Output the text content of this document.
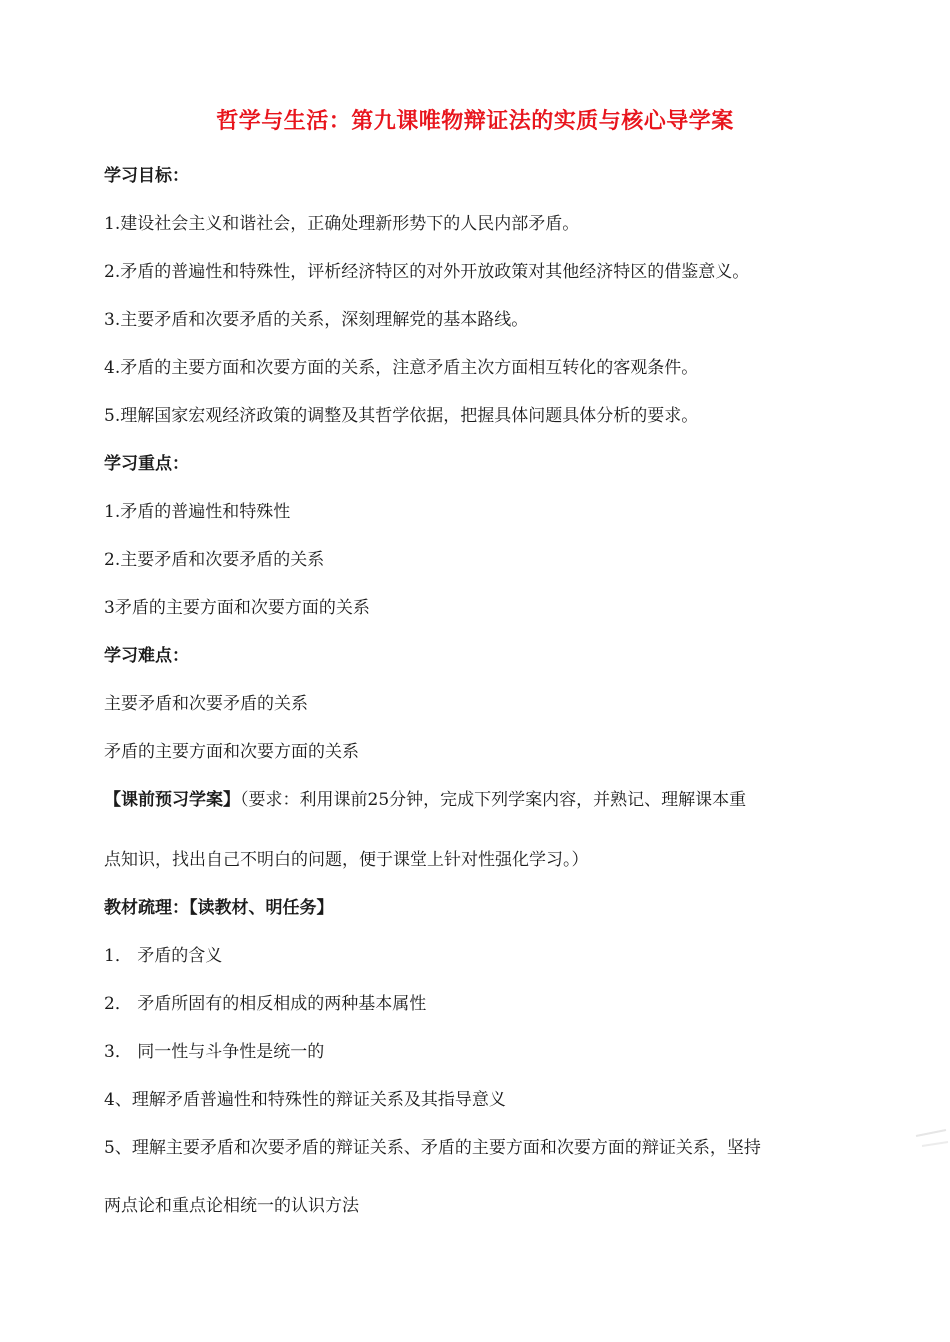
哲学与生活：第九课唯物辩证法的实质与核心导学案
学习目标：
1.建设社会主义和谐社会，正确处理新形势下的人民内部矛盾。
2.矛盾的普遍性和特殊性，评析经济特区的对外开放政策对其他经济特区的借鉴意义。
3.主要矛盾和次要矛盾的关系，深刻理解党的基本路线。
4.矛盾的主要方面和次要方面的关系，注意矛盾主次方面相互转化的客观条件。
5.理解国家宏观经济政策的调整及其哲学依据，把握具体问题具体分析的要求。
学习重点：
1.矛盾的普遍性和特殊性
2.主要矛盾和次要矛盾的关系
3矛盾的主要方面和次要方面的关系
学习难点：
主要矛盾和次要矛盾的关系
矛盾的主要方面和次要方面的关系
【课前预习学案】（要求：利用课前25分钟，完成下列学案内容，并熟记、理解课本重
点知识，找出自己不明白的问题，便于课堂上针对性强化学习。）
教材疏理：【读教材、明任务】
1． 矛盾的含义
2． 矛盾所固有的相反相成的两种基本属性
3． 同一性与斗争性是统一的
4、理解矛盾普遍性和特殊性的辩证关系及其指导意义
5、理解主要矛盾和次要矛盾的辩证关系、矛盾的主要方面和次要方面的辩证关系，坚持
两点论和重点论相统一的认识方法
